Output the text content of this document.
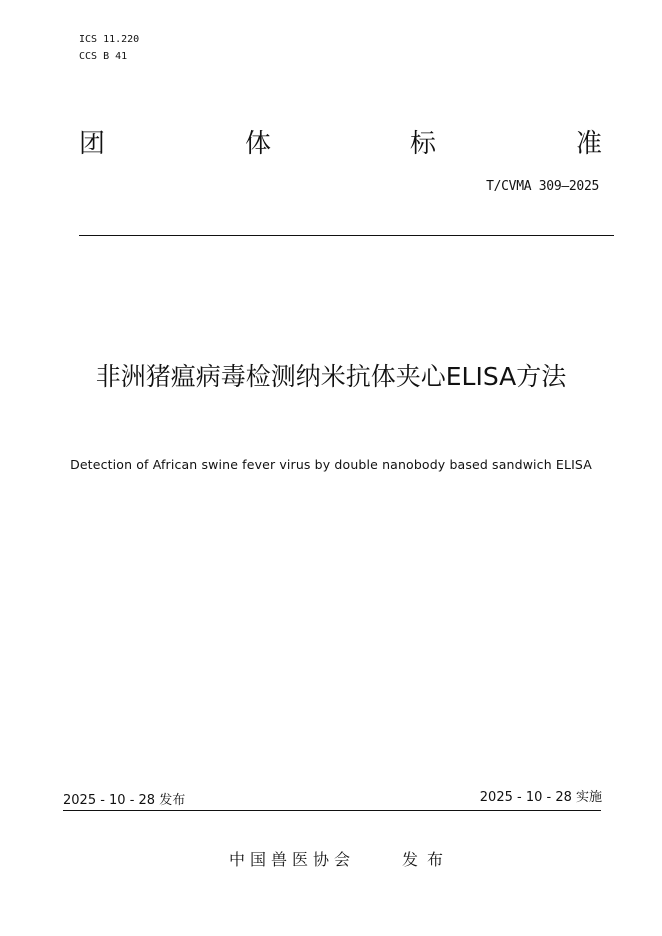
ICS 11.220
CCS B 41
团	体	标	准
T/CVMA 309—2025
非洲猪瘟病毒检测纳米抗体夹心ELISA方法
Detection of African swine fever virus by double nanobody based sandwich ELISA
2025 - 10 - 28 发布	2025 - 10 - 28 实施
中国兽医协会	发布
